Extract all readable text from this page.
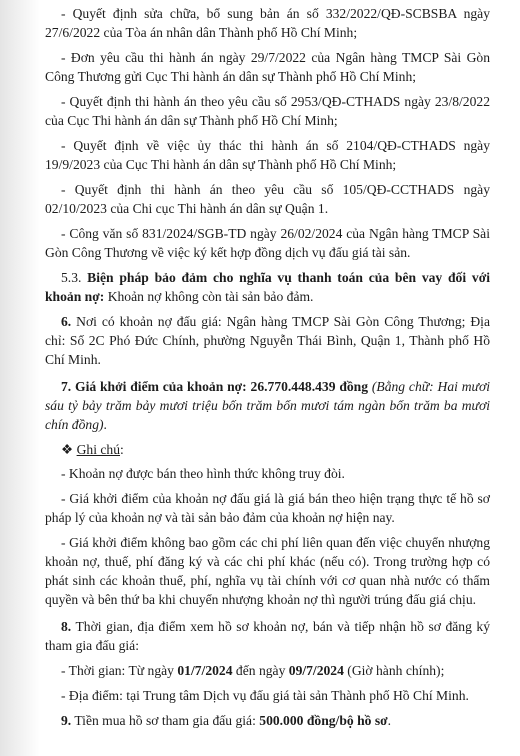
- Quyết định sửa chữa, bổ sung bản án số 332/2022/QĐ-SCBSBA ngày 27/6/2022 của Tòa án nhân dân Thành phố Hồ Chí Minh;

- Đơn yêu cầu thi hành án ngày 29/7/2022 của Ngân hàng TMCP Sài Gòn Công Thương gửi Cục Thi hành án dân sự Thành phố Hồ Chí Minh;

- Quyết định thi hành án theo yêu cầu số 2953/QĐ-CTHADS ngày 23/8/2022 của Cục Thi hành án dân sự Thành phố Hồ Chí Minh;

- Quyết định về việc ủy thác thi hành án số 2104/QĐ-CTHADS ngày 19/9/2023 của Cục Thi hành án dân sự Thành phố Hồ Chí Minh;

- Quyết định thi hành án theo yêu cầu số 105/QĐ-CCTHADS ngày 02/10/2023 của Chi cục Thi hành án dân sự Quận 1.

- Công văn số 831/2024/SGB-TD ngày 26/02/2024 của Ngân hàng TMCP Sài Gòn Công Thương về việc ký kết hợp đồng dịch vụ đấu giá tài sản.

5.3. Biện pháp bảo đảm cho nghĩa vụ thanh toán của bên vay đối với khoản nợ: Khoản nợ không còn tài sản bảo đảm.

6. Nơi có khoản nợ đấu giá: Ngân hàng TMCP Sài Gòn Công Thương; Địa chỉ: Số 2C Phó Đức Chính, phường Nguyễn Thái Bình, Quận 1, Thành phố Hồ Chí Minh.

7. Giá khởi điểm của khoản nợ: 26.770.448.439 đồng (Bằng chữ: Hai mươi sáu tỷ bảy trăm bảy mươi triệu bốn trăm bốn mươi tám ngàn bốn trăm ba mươi chín đồng).

❖ Ghi chú:

- Khoản nợ được bán theo hình thức không truy đòi.

- Giá khởi điểm của khoản nợ đấu giá là giá bán theo hiện trạng thực tế hồ sơ pháp lý của khoản nợ và tài sản bảo đảm của khoản nợ hiện nay.

- Giá khởi điểm không bao gồm các chi phí liên quan đến việc chuyển nhượng khoản nợ, thuế, phí đăng ký và các chi phí khác (nếu có). Trong trường hợp có phát sinh các khoản thuế, phí, nghĩa vụ tài chính với cơ quan nhà nước có thẩm quyền và bên thứ ba khi chuyển nhượng khoản nợ thì người trúng đấu giá chịu.

8. Thời gian, địa điểm xem hồ sơ khoản nợ, bán và tiếp nhận hồ sơ đăng ký tham gia đấu giá:

- Thời gian: Từ ngày 01/7/2024 đến ngày 09/7/2024 (Giờ hành chính);

- Địa điểm: tại Trung tâm Dịch vụ đấu giá tài sản Thành phố Hồ Chí Minh.

9. Tiền mua hồ sơ tham gia đấu giá: 500.000 đồng/bộ hồ sơ.
